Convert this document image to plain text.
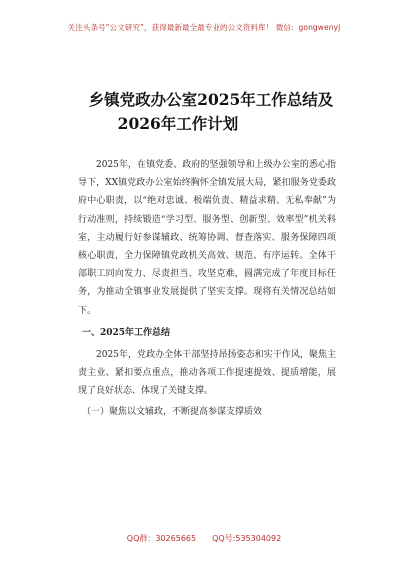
关注头条号“公文研究”，获得最新最全最专业的公文资料库！ 微信：gongwenyj
乡镇党政办公室2025年工作总结及
2026年工作计划

2025年，在镇党委、政府的坚强领导和上级办公室的悉心指导下，XX镇党政办公室始终胸怀全镇发展大局，紧扣服务党委政府中心职责，以“绝对忠诚、极端负责、精益求精、无私奉献”为行动准则，持续锻造“学习型、服务型、创新型、效率型”机关科室，主动履行好参谋辅政、统筹协调、督查落实、服务保障四项核心职责，全力保障镇党政机关高效、规范、有序运转。全体干部职工同向发力、尽责担当、攻坚克难，圆满完成了年度目标任务，为推动全镇事业发展提供了坚实支撑。现将有关情况总结如下。

一、2025年工作总结

2025年，党政办全体干部坚持昂扬姿态和实干作风，聚焦主责主业、紧扣要点重点，推动各项工作提速提效、提质增能，展现了良好状态、体现了关键支撑。

（一）聚焦以文辅政，不断提高参谋支撑质效

QQ群：30265665 QQ号:535304092
